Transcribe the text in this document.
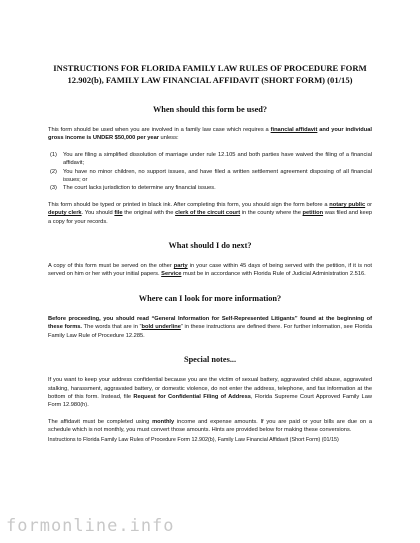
INSTRUCTIONS FOR FLORIDA FAMILY LAW RULES OF PROCEDURE FORM 12.902(b), FAMILY LAW FINANCIAL AFFIDAVIT (SHORT FORM) (01/15)
When should this form be used?

This form should be used when you are involved in a family law case which requires a financial affidavit and your individual gross income is UNDER $50,000 per year unless:

(1)	You are filing a simplified dissolution of marriage under rule 12.105 and both parties have waived the filing of a financial affidavit;
(2)	You have no minor children, no support issues, and have filed a written settlement agreement disposing of all financial issues; or
(3)	The court lacks jurisdiction to determine any financial issues.

This form should be typed or printed in black ink. After completing this form, you should sign the form before a notary public or deputy clerk. You should file the original with the clerk of the circuit court in the county where the petition was filed and keep a copy for your records.

What should I do next?

A copy of this form must be served on the other party in your case within 45 days of being served with the petition, if it is not served on him or her with your initial papers. Service must be in accordance with Florida Rule of Judicial Administration 2.516.

Where can I look for more information?

Before proceeding, you should read “General Information for Self-Represented Litigants” found at the beginning of these forms. The words that are in “bold underline” in these instructions are defined there. For further information, see Florida Family Law Rule of Procedure 12.285.

Special notes...

If you want to keep your address confidential because you are the victim of sexual battery, aggravated child abuse, aggravated stalking, harassment, aggravated battery, or domestic violence, do not enter the address, telephone, and fax information at the bottom of this form. Instead, file Request for Confidential Filing of Address, Florida Supreme Court Approved Family Law Form 12.980(h).

The affidavit must be completed using monthly income and expense amounts. If you are paid or your bills are due on a schedule which is not monthly, you must convert those amounts. Hints are provided below for making these conversions.

Instructions to Florida Family Law Rules of Procedure Form 12.902(b), Family Law Financial Affidavit (Short Form) (01/15)
formonline.info
